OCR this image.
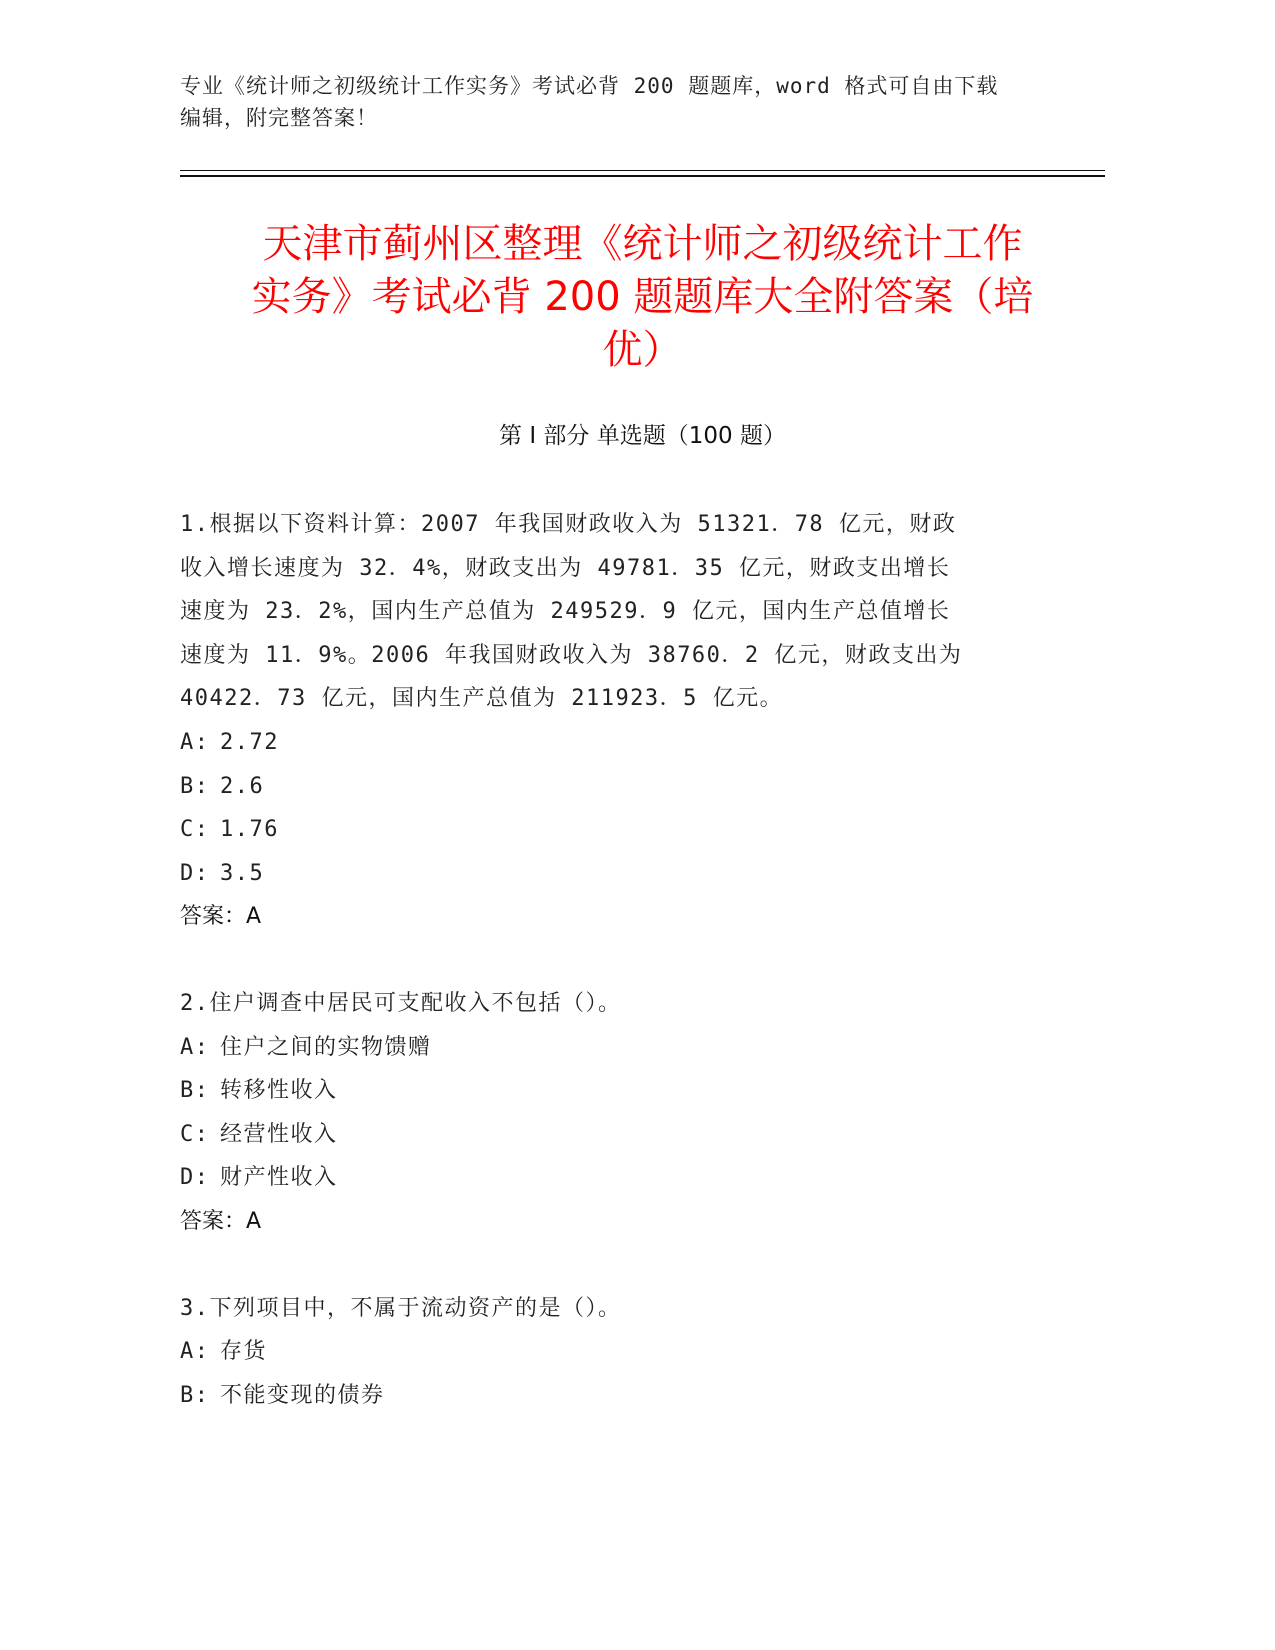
专业《统计师之初级统计工作实务》考试必背 200 题题库，word 格式可自由下载
编辑，附完整答案！
天津市蓟州区整理《统计师之初级统计工作
实务》考试必背 200 题题库大全附答案（培
优）
第 I 部分 单选题（100 题）

1.根据以下资料计算：2007 年我国财政收入为 51321．78 亿元，财政

收入增长速度为 32．4%，财政支出为 49781．35 亿元，财政支出增长

速度为 23．2%，国内生产总值为 249529．9 亿元，国内生产总值增长

速度为 11．9%。2006 年我国财政收入为 38760．2 亿元，财政支出为

40422．73 亿元，国内生产总值为 211923．5 亿元。

A: 2.72

B: 2.6

C: 1.76

D: 3.5

答案：A

2.住户调查中居民可支配收入不包括（）。

A: 住户之间的实物馈赠

B: 转移性收入

C: 经营性收入

D: 财产性收入

答案：A

3.下列项目中，不属于流动资产的是（）。

A: 存货

B: 不能变现的债券
